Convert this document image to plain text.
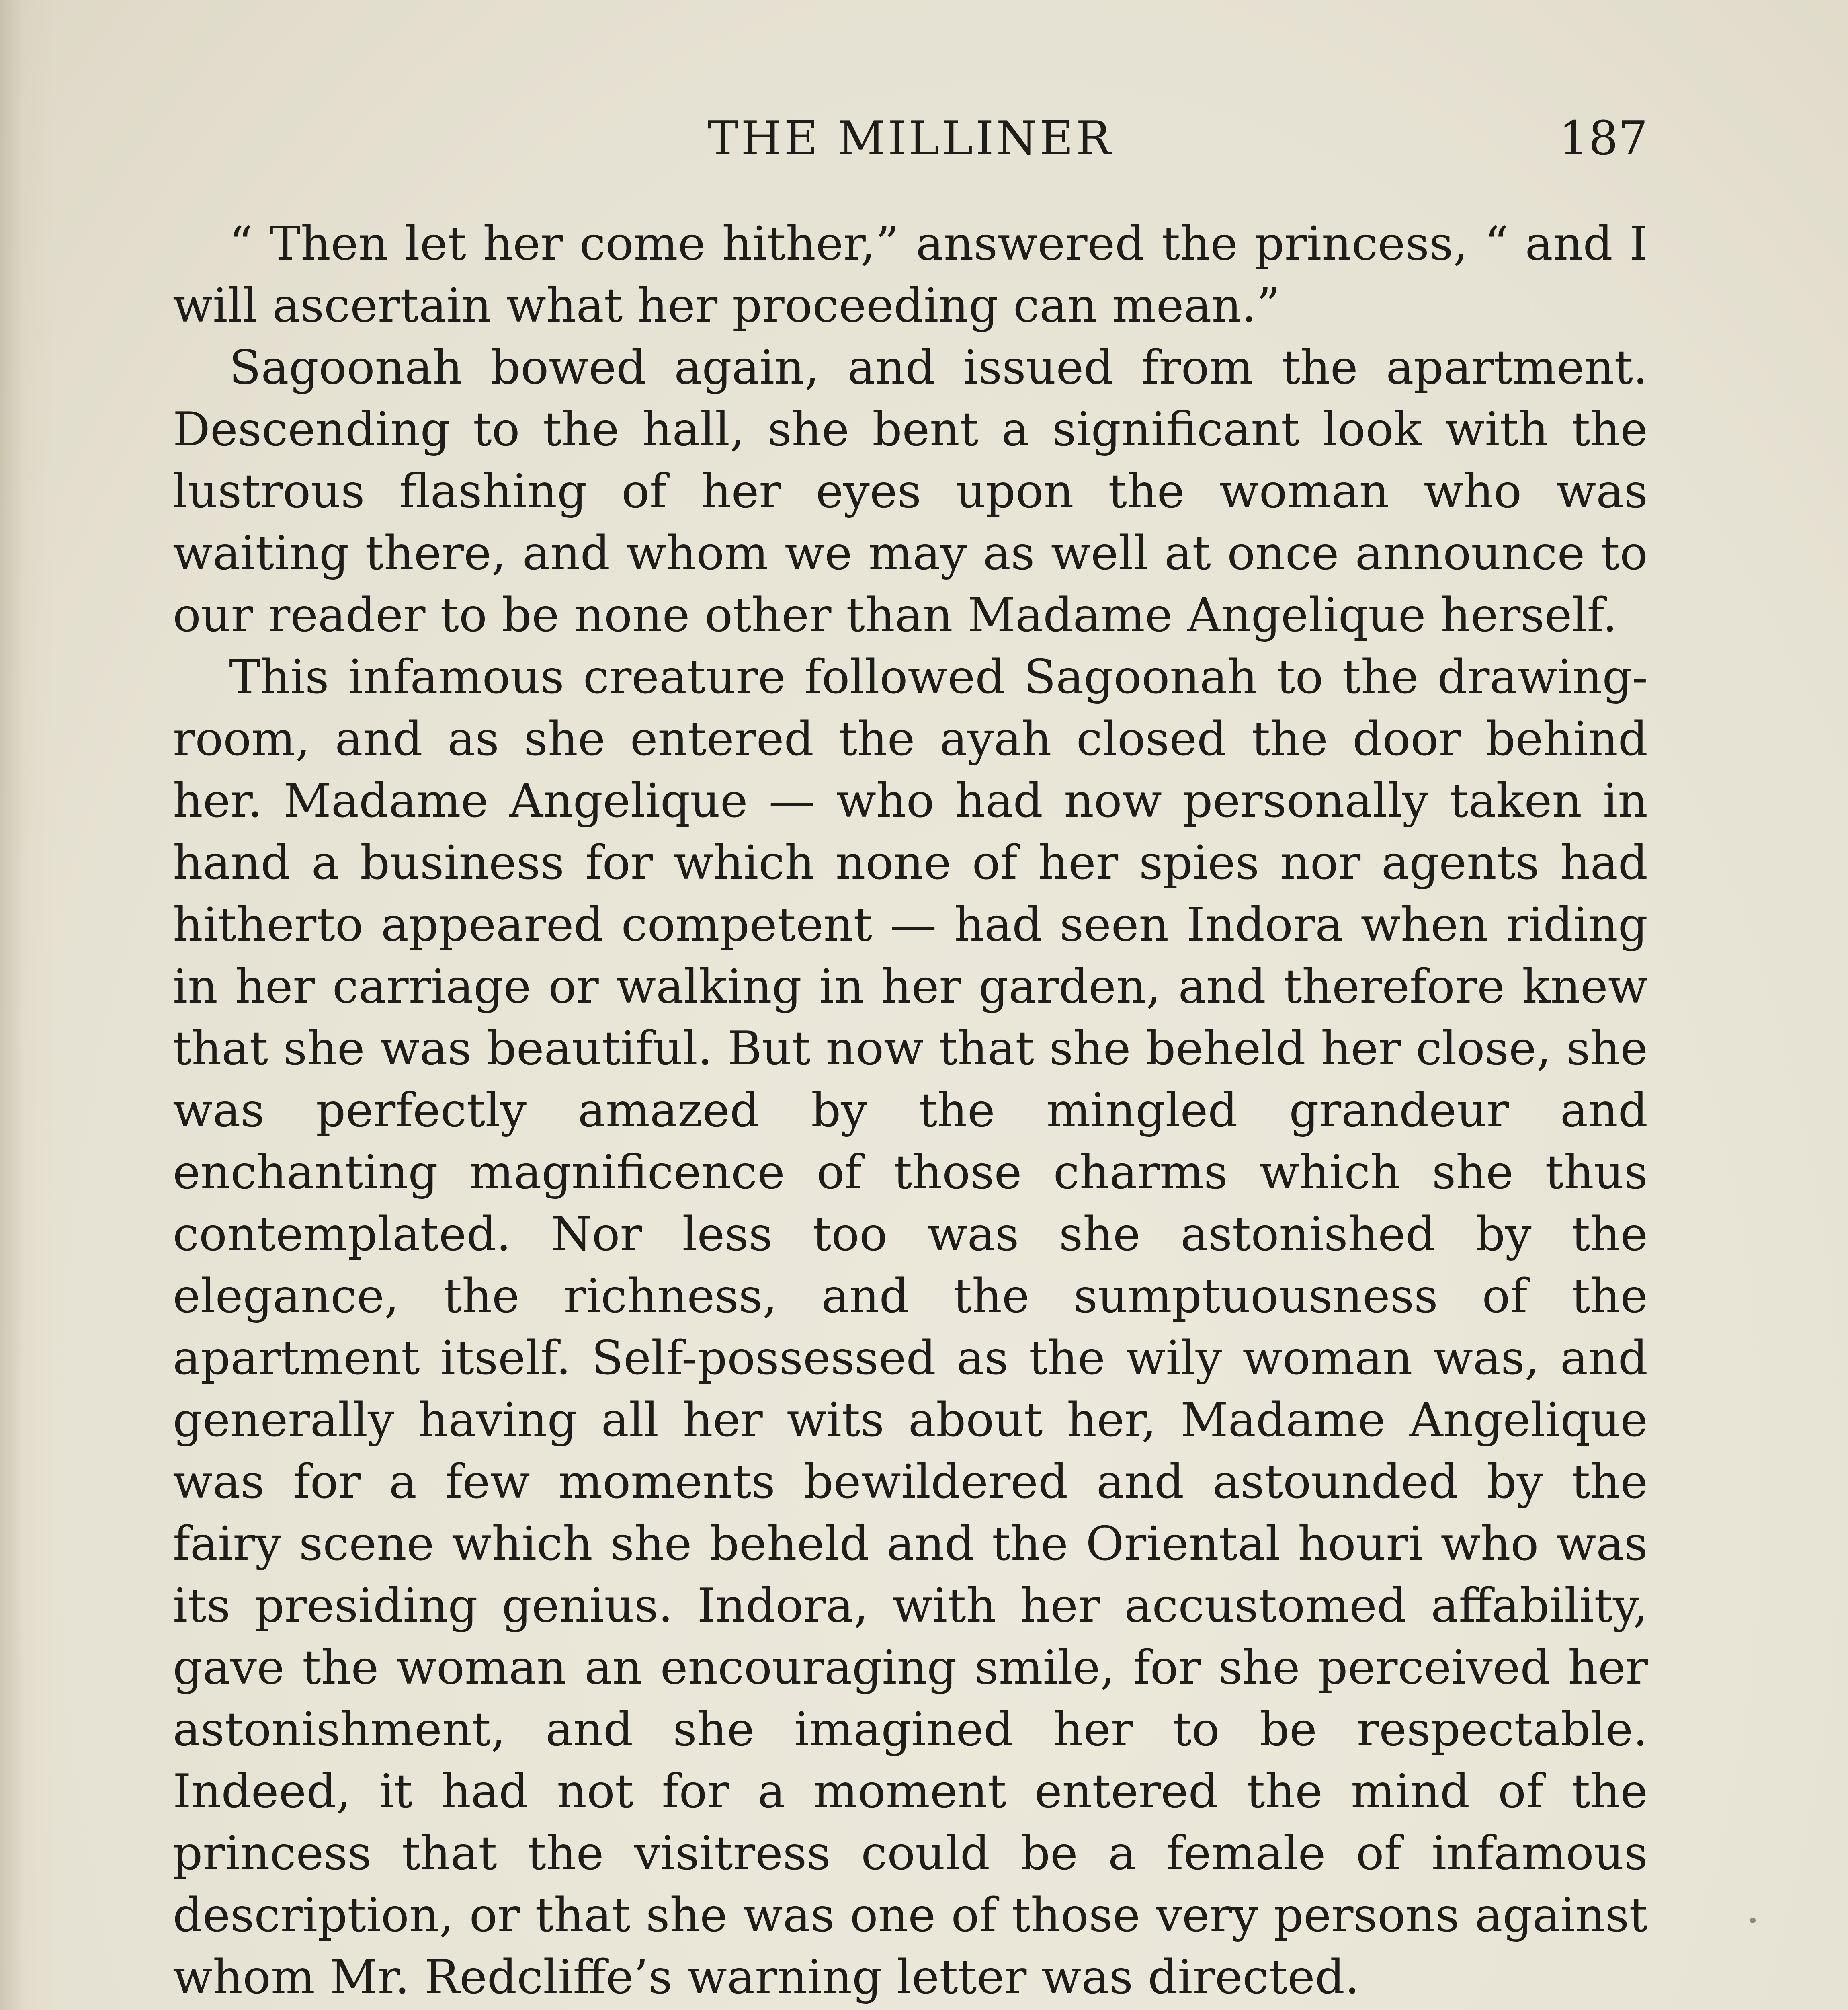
THE MILLINER	187

“ Then let her come hither,” answered the princess, “ and I will ascertain what her proceeding can mean.”

Sagoonah bowed again, and issued from the apartment. Descending to the hall, she bent a significant look with the lustrous flashing of her eyes upon the woman who was waiting there, and whom we may as well at once announce to our reader to be none other than Madame Angelique herself.

This infamous creature followed Sagoonah to the drawing-room, and as she entered the ayah closed the door behind her. Madame Angelique — who had now personally taken in hand a business for which none of her spies nor agents had hitherto appeared competent — had seen Indora when riding in her carriage or walking in her garden, and therefore knew that she was beautiful. But now that she beheld her close, she was perfectly amazed by the mingled grandeur and enchanting magnificence of those charms which she thus contemplated. Nor less too was she astonished by the elegance, the richness, and the sumptuousness of the apartment itself. Self-possessed as the wily woman was, and generally having all her wits about her, Madame Angelique was for a few moments bewildered and astounded by the fairy scene which she beheld and the Oriental houri who was its presiding genius. Indora, with her accustomed affability, gave the woman an encouraging smile, for she perceived her astonishment, and she imagined her to be respectable. Indeed, it had not for a moment entered the mind of the princess that the visitress could be a female of infamous description, or that she was one of those very persons against whom Mr. Redcliffe’s warning letter was directed.
